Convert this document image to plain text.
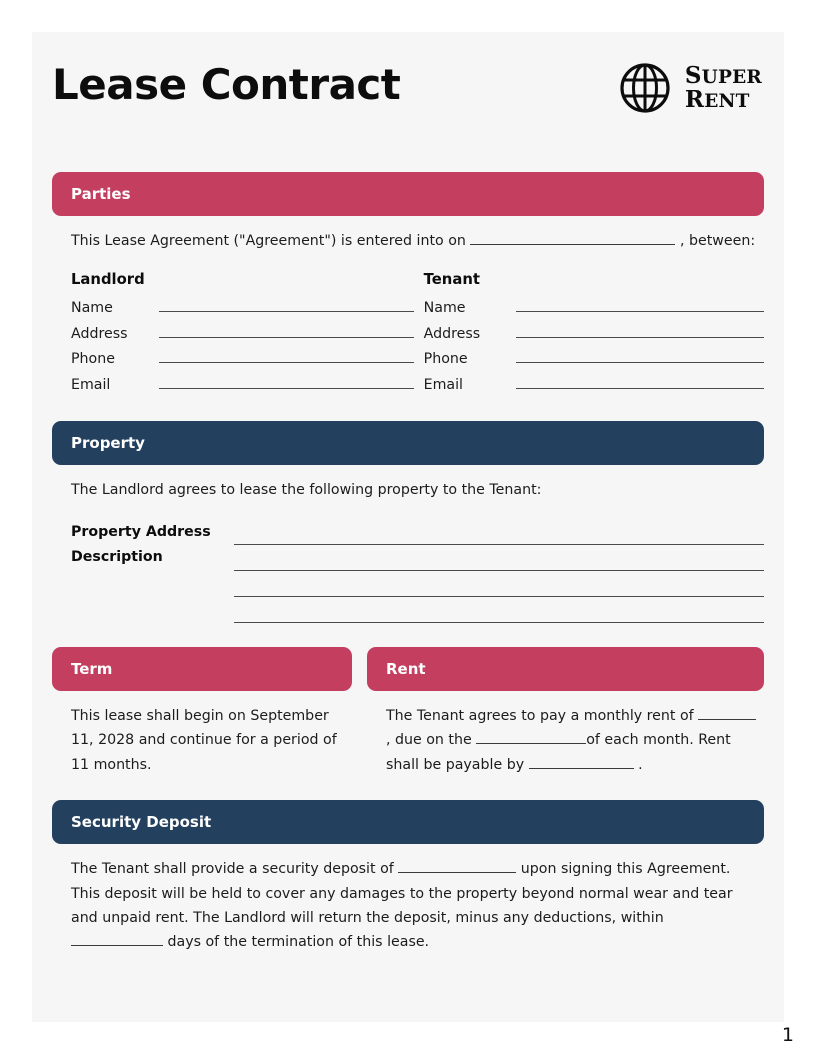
Lease Contract	SUPER
RENT
Parties
This Lease Agreement ("Agreement") is entered into on	, between:
Landlord
Name
Address
Phone
Email
Tenant
Name
Address
Phone
Email
Property
The Landlord agrees to lease the following property to the Tenant:
Property Address
Description
Term
This lease shall begin on September 11, 2028 and continue for a period of 11 months.
Rent
The Tenant agrees to pay a monthly rent of  , due on the	of each month. Rent shall be payable by	.
Security Deposit
The Tenant shall provide a security deposit of	upon signing this Agreement. This deposit will be held to cover any damages to the property beyond normal wear and tear and unpaid rent. The Landlord will return the deposit, minus any deductions, within  days of the termination of this lease.
1
